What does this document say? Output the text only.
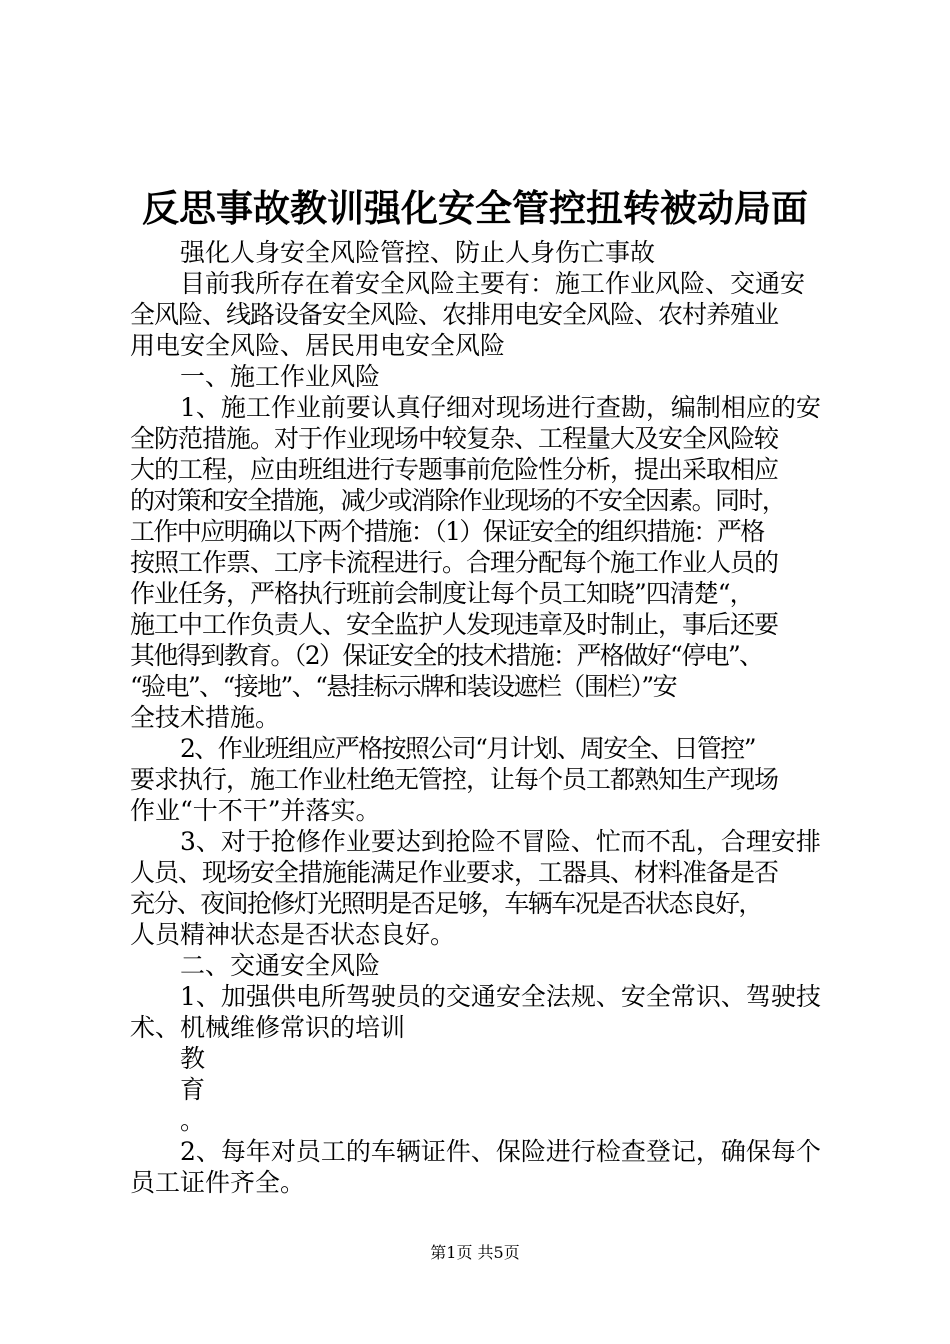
反思事故教训强化安全管控扭转被动局面
强化人身安全风险管控、防止人身伤亡事故
目前我所存在着安全风险主要有：施工作业风险、交通安
全风险、线路设备安全风险、农排用电安全风险、农村养殖业
用电安全风险、居民用电安全风险
一、施工作业风险
1、施工作业前要认真仔细对现场进行查勘，编制相应的安
全防范措施。对于作业现场中较复杂、工程量大及安全风险较
大的工程，应由班组进行专题事前危险性分析，提出采取相应
的对策和安全措施，减少或消除作业现场的不安全因素。同时，
工作中应明确以下两个措施：（1）保证安全的组织措施：严格
按照工作票、工序卡流程进行。合理分配每个施工作业人员的
作业任务，严格执行班前会制度让每个员工知晓”四清楚“，
施工中工作负责人、安全监护人发现违章及时制止，事后还要
其他得到教育。（2）保证安全的技术措施：严格做好“停电”、
“验电”、“接地”、“悬挂标示牌和装设遮栏（围栏）”安
全技术措施。
2、作业班组应严格按照公司“月计划、周安全、日管控”
要求执行，施工作业杜绝无管控，让每个员工都熟知生产现场
作业“十不干”并落实。
3、对于抢修作业要达到抢险不冒险、忙而不乱，合理安排
人员、现场安全措施能满足作业要求，工器具、材料准备是否
充分、夜间抢修灯光照明是否足够，车辆车况是否状态良好，
人员精神状态是否状态良好。
二、交通安全风险
1、加强供电所驾驶员的交通安全法规、安全常识、驾驶技
术、机械维修常识的培训
教
育
。
2、每年对员工的车辆证件、保险进行检查登记，确保每个
员工证件齐全。
第1页 共5页
